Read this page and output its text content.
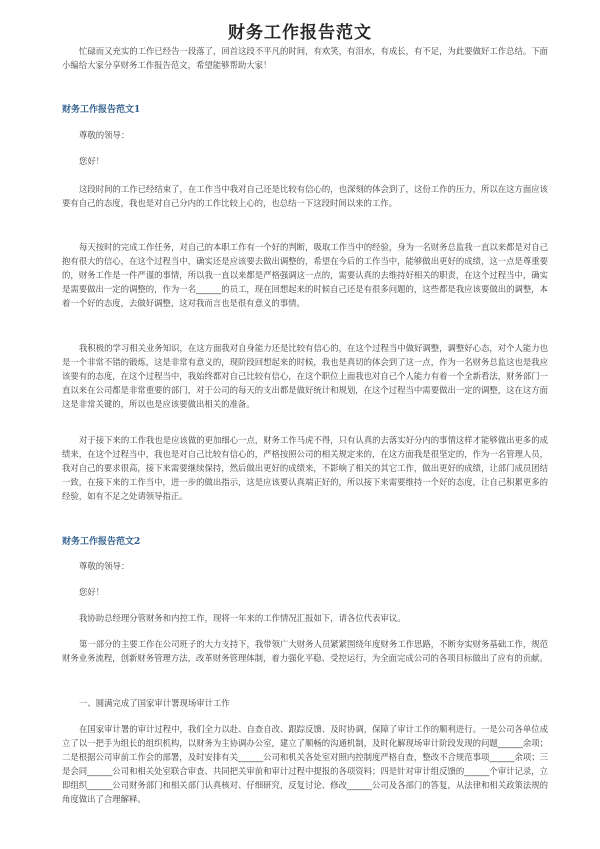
财务工作报告范文

忙碌而又充实的工作已经告一段落了，回首这段不平凡的时间，有欢笑，有泪水，有成长，有不足，为此要做好工作总结。下面小编给大家分享财务工作报告范文，希望能够帮助大家！

财务工作报告范文1
尊敬的领导：
您好！

这段时间的工作已经结束了，在工作当中我对自己还是比较有信心的，也深刻的体会到了，这份工作的压力，所以在这方面应该要有自己的态度，我也是对自己分内的工作比较上心的，也总结一下这段时间以来的工作。

每天按时的完成工作任务，对自己的本职工作有一个好的判断，吸取工作当中的经验，身为一名财务总监我一直以来都是对自己抱有很大的信心，在这个过程当中，确实还是应该要去做出调整的，希望在今后的工作当中，能够做出更好的成绩，这一点是尊重要的，财务工作是一件严谨的事情，所以我一直以来都是严格强调这一点的，需要认真的去维持好相关的职责，在这个过程当中，确实是需要做出一定的调整的，作为一名______的员工，现在回想起来的时候自己还是有很多问题的，这些都是我应该要做出的调整，本着一个好的态度，去做好调整，这对我而言也是很有意义的事情。

我积极的学习相关业务知识，在这方面我对自身能力还是比较有信心的，在这个过程当中做好调整，调整好心态，对个人能力也是一个非常不错的锻炼，这是非常有意义的，现阶段回想起来的时候，我也是真切的体会到了这一点，作为一名财务总监这也是我应该要有的态度，在这个过程当中，我始终都对自己比较有信心，在这个职位上面我也对自己个人能力有着一个全新看法，财务部门一直以来在公司都是非常重要的部门，对于公司的每天的支出都是做好统计和规划，在这个过程当中需要做出一定的调整，这在这方面这是非常关键的，所以也是应该要做出相关的准备。

对于接下来的工作我也是应该做的更加细心一点，财务工作马虎不得，只有认真的去落实好分内的事情这样才能够做出更多的成绩来，在这个过程当中，我也是对自己比较有信心的，严格按照公司的相关规定来的，在这方面我是很坚定的，作为一名管理人员，我对自己的要求很高，接下来需要继续保持，然后做出更好的成绩来，不影响了相关的其它工作，做出更好的成绩，让部门成员团结一致，在接下来的工作当中，进一步的做出指示，这是应该要认真端正好的，所以接下来需要维持一个好的态度，让自己积累更多的经验，如有不足之处请领导指正。

财务工作报告范文2
尊敬的领导：
您好！

我协助总经理分管财务和内控工作，现将一年来的工作情况汇报如下，请各位代表审议。

第一部分的主要工作在公司班子的大力支持下，我带领广大财务人员紧紧围绕年度财务工作思路，不断夯实财务基础工作，规范财务业务流程，创新财务管理方法，改革财务管理体制，着力强化平稳、受控运行，为全面完成公司的各项目标做出了应有的贡献。

一、圆满完成了国家审计署现场审计工作

在国家审计署的审计过程中，我们全力以赴、自查自改、跟踪反馈、及时协调，保障了审计工作的顺利进行。一是公司各单位成立了以一把手为组长的组织机构，以财务为主协调办公室，建立了顺畅的沟通机制，及时化解现场审计阶段发现的问题______余项；二是根据公司审前工作会的部署，及时安排有关______公司和机关各处室对照内控制度严格自查，整改不合规范事项______余项；三是会同______公司和相关处室联合审查、共同把关审前和审计过程中提报的各项资料；四是针对审计组反馈的______个审计记录，立即组织______公司财务部门和相关部门认真核对、仔细研究，反复讨论、修改______公司及各部门的答复，从法律和相关政策法规的角度做出了合理解释。
